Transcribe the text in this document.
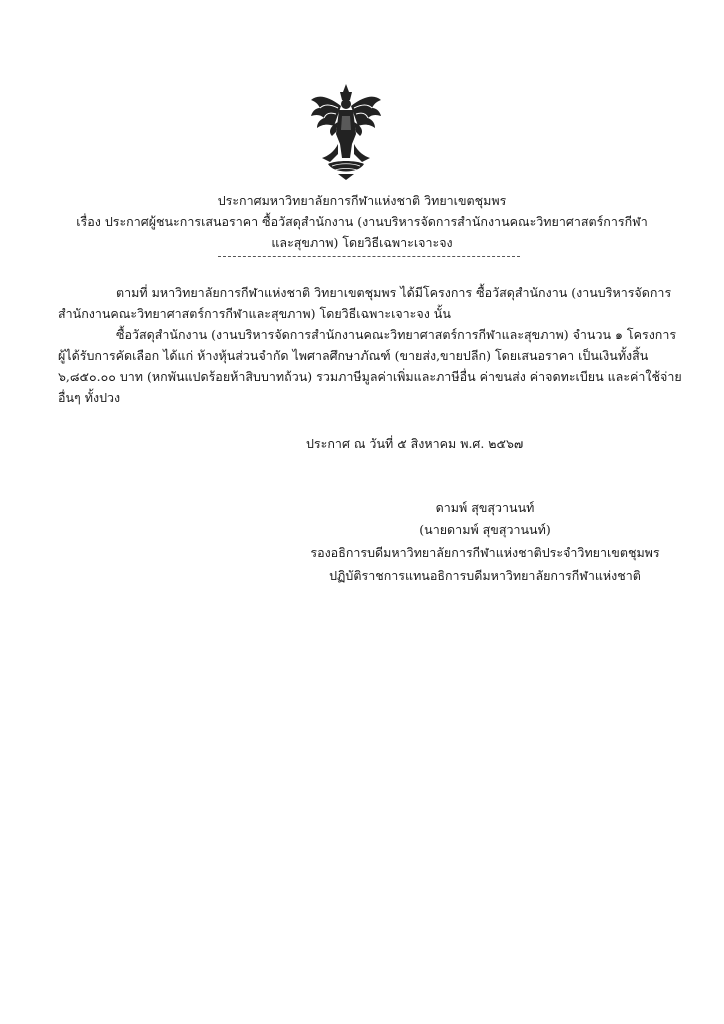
ประกาศมหาวิทยาลัยการกีฬาแห่งชาติ วิทยาเขตชุมพร
เรื่อง ประกาศผู้ชนะการเสนอราคา ซื้อวัสดุสำนักงาน (งานบริหารจัดการสำนักงานคณะวิทยาศาสตร์การกีฬา
และสุขภาพ) โดยวิธีเฉพาะเจาะจง
ตามที่ มหาวิทยาลัยการกีฬาแห่งชาติ วิทยาเขตชุมพร ได้มีโครงการ ซื้อวัสดุสำนักงาน (งานบริหารจัดการ
สำนักงานคณะวิทยาศาสตร์การกีฬาและสุขภาพ) โดยวิธีเฉพาะเจาะจง นั้น
ซื้อวัสดุสำนักงาน (งานบริหารจัดการสำนักงานคณะวิทยาศาสตร์การกีฬาและสุขภาพ) จำนวน ๑ โครงการ
ผู้ได้รับการคัดเลือก ได้แก่ ห้างหุ้นส่วนจำกัด ไพศาลศึกษาภัณฑ์ (ขายส่ง,ขายปลีก) โดยเสนอราคา เป็นเงินทั้งสิ้น
๖,๘๕๐.๐๐ บาท (หกพันแปดร้อยห้าสิบบาทถ้วน) รวมภาษีมูลค่าเพิ่มและภาษีอื่น ค่าขนส่ง ค่าจดทะเบียน และค่าใช้จ่าย
อื่นๆ ทั้งปวง
ประกาศ ณ วันที่ ๕ สิงหาคม พ.ศ. ๒๕๖๗
ดามพ์ สุขสุวานนท์
(นายดามพ์ สุขสุวานนท์)
รองอธิการบดีมหาวิทยาลัยการกีฬาแห่งชาติประจำวิทยาเขตชุมพร
ปฏิบัติราชการแทนอธิการบดีมหาวิทยาลัยการกีฬาแห่งชาติ
